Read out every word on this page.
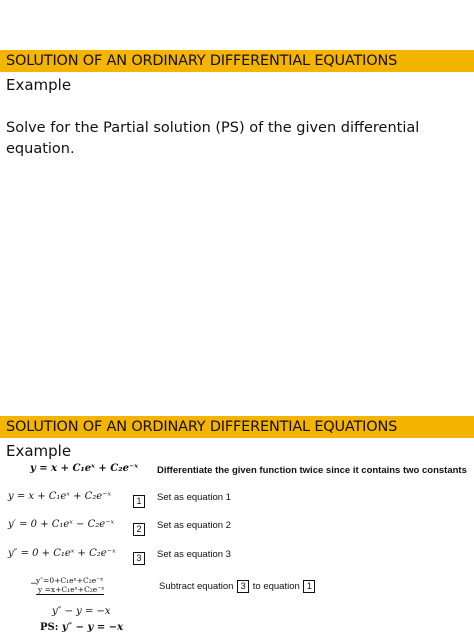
SOLUTION OF AN ORDINARY DIFFERENTIAL EQUATIONS
Example
Solve for the Partial solution (PS) of the given differential equation.
SOLUTION OF AN ORDINARY DIFFERENTIAL EQUATIONS
Example
y = x + C₁eˣ + C₂e⁻ˣ Differentiate the given function twice since it contains two constants
y = x + C₁eˣ + C₂e⁻ˣ	1	Set as equation 1
y′ = 0 + C₁eˣ − C₂e⁻ˣ	2	Set as equation 2
y″ = 0 + C₁eˣ + C₂e⁻ˣ	3	Set as equation 3
−
y″=0+C₁eˣ+C₂e⁻ˣ
y =x+C₁eˣ+C₂e⁻ˣ	Subtract equation 3 to equation 1
y″ − y = −x
PS: y″ − y = −x
